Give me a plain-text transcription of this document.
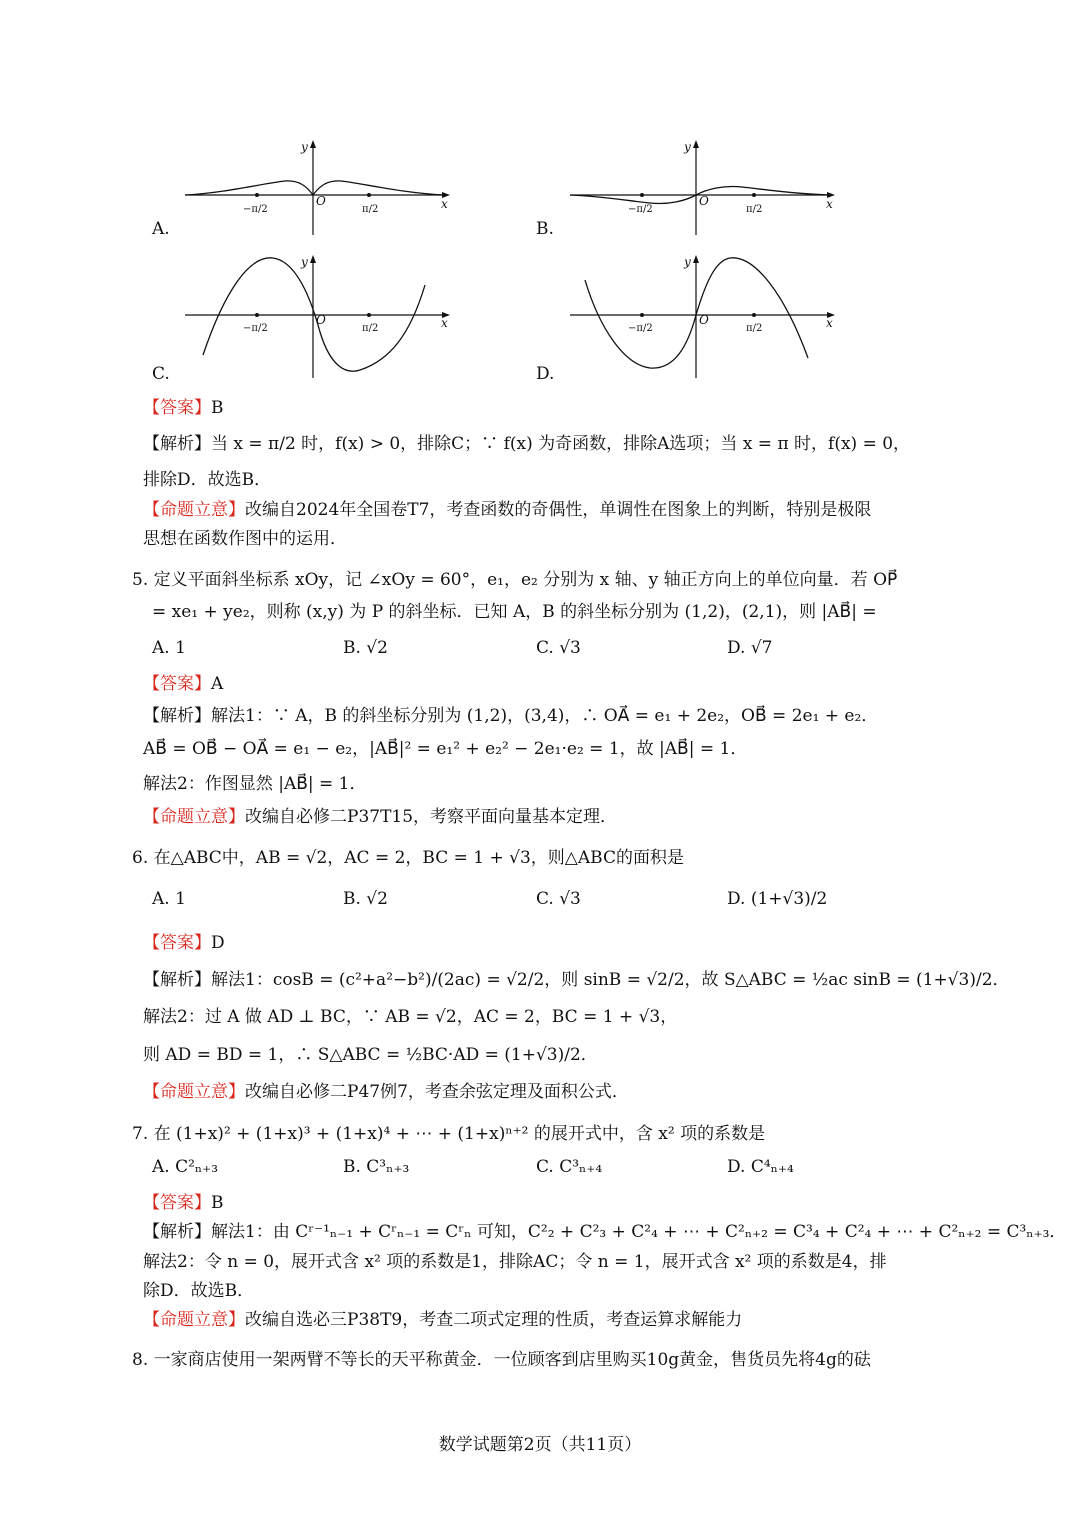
y
O	x
−π/2	π/2
A.
y
O	x
−π/2	π/2
B.
y
O	x
−π/2	π/2
C.
y
O	x
−π/2	π/2
D.
【答案】B
【解析】当 x = π/2 时，f(x) > 0，排除C；∵ f(x) 为奇函数，排除A选项；当 x = π 时，f(x) = 0，
排除D．故选B．
【命题立意】改编自2024年全国卷T7，考查函数的奇偶性，单调性在图象上的判断，特别是极限
思想在函数作图中的运用．
5. 定义平面斜坐标系 xOy，记 ∠xOy = 60°，e₁，e₂ 分别为 x 轴、y 轴正方向上的单位向量．若 OP⃗
= xe₁ + ye₂，则称 (x,y) 为 P 的斜坐标．已知 A，B 的斜坐标分别为 (1,2)，(2,1)，则 |AB⃗| =
A. 1	B. √2	C. √3	D. √7
【答案】A
【解析】解法1：∵ A，B 的斜坐标分别为 (1,2)，(3,4)，∴ OA⃗ = e₁ + 2e₂，OB⃗ = 2e₁ + e₂．
AB⃗ = OB⃗ − OA⃗ = e₁ − e₂，|AB⃗|² = e₁² + e₂² − 2e₁·e₂ = 1，故 |AB⃗| = 1．
解法2：作图显然 |AB⃗| = 1．
【命题立意】改编自必修二P37T15，考察平面向量基本定理．
6. 在△ABC中，AB = √2，AC = 2，BC = 1 + √3，则△ABC的面积是
A. 1	B. √2	C. √3	D. (1+√3)/2
【答案】D
【解析】解法1：cosB = (c²+a²−b²)/(2ac) = √2/2，则 sinB = √2/2，故 S△ABC = ½ac sinB = (1+√3)/2．
解法2：过 A 做 AD ⊥ BC，∵ AB = √2，AC = 2，BC = 1 + √3，
则 AD = BD = 1，∴ S△ABC = ½BC·AD = (1+√3)/2．
【命题立意】改编自必修二P47例7，考查余弦定理及面积公式．
7. 在 (1+x)² + (1+x)³ + (1+x)⁴ + ⋯ + (1+x)ⁿ⁺² 的展开式中，含 x² 项的系数是
A. C²ₙ₊₃	B. C³ₙ₊₃	C. C³ₙ₊₄	D. C⁴ₙ₊₄
【答案】B
【解析】解法1：由 Cʳ⁻¹ₙ₋₁ + Cʳₙ₋₁ = Cʳₙ 可知，C²₂ + C²₃ + C²₄ + ⋯ + C²ₙ₊₂ = C³₄ + C²₄ + ⋯ + C²ₙ₊₂ = C³ₙ₊₃．
解法2：令 n = 0，展开式含 x² 项的系数是1，排除AC；令 n = 1，展开式含 x² 项的系数是4，排
除D．故选B．
【命题立意】改编自选必三P38T9，考查二项式定理的性质，考查运算求解能力
8. 一家商店使用一架两臂不等长的天平称黄金．一位顾客到店里购买10g黄金，售货员先将4g的砝
数学试题第2页（共11页）
